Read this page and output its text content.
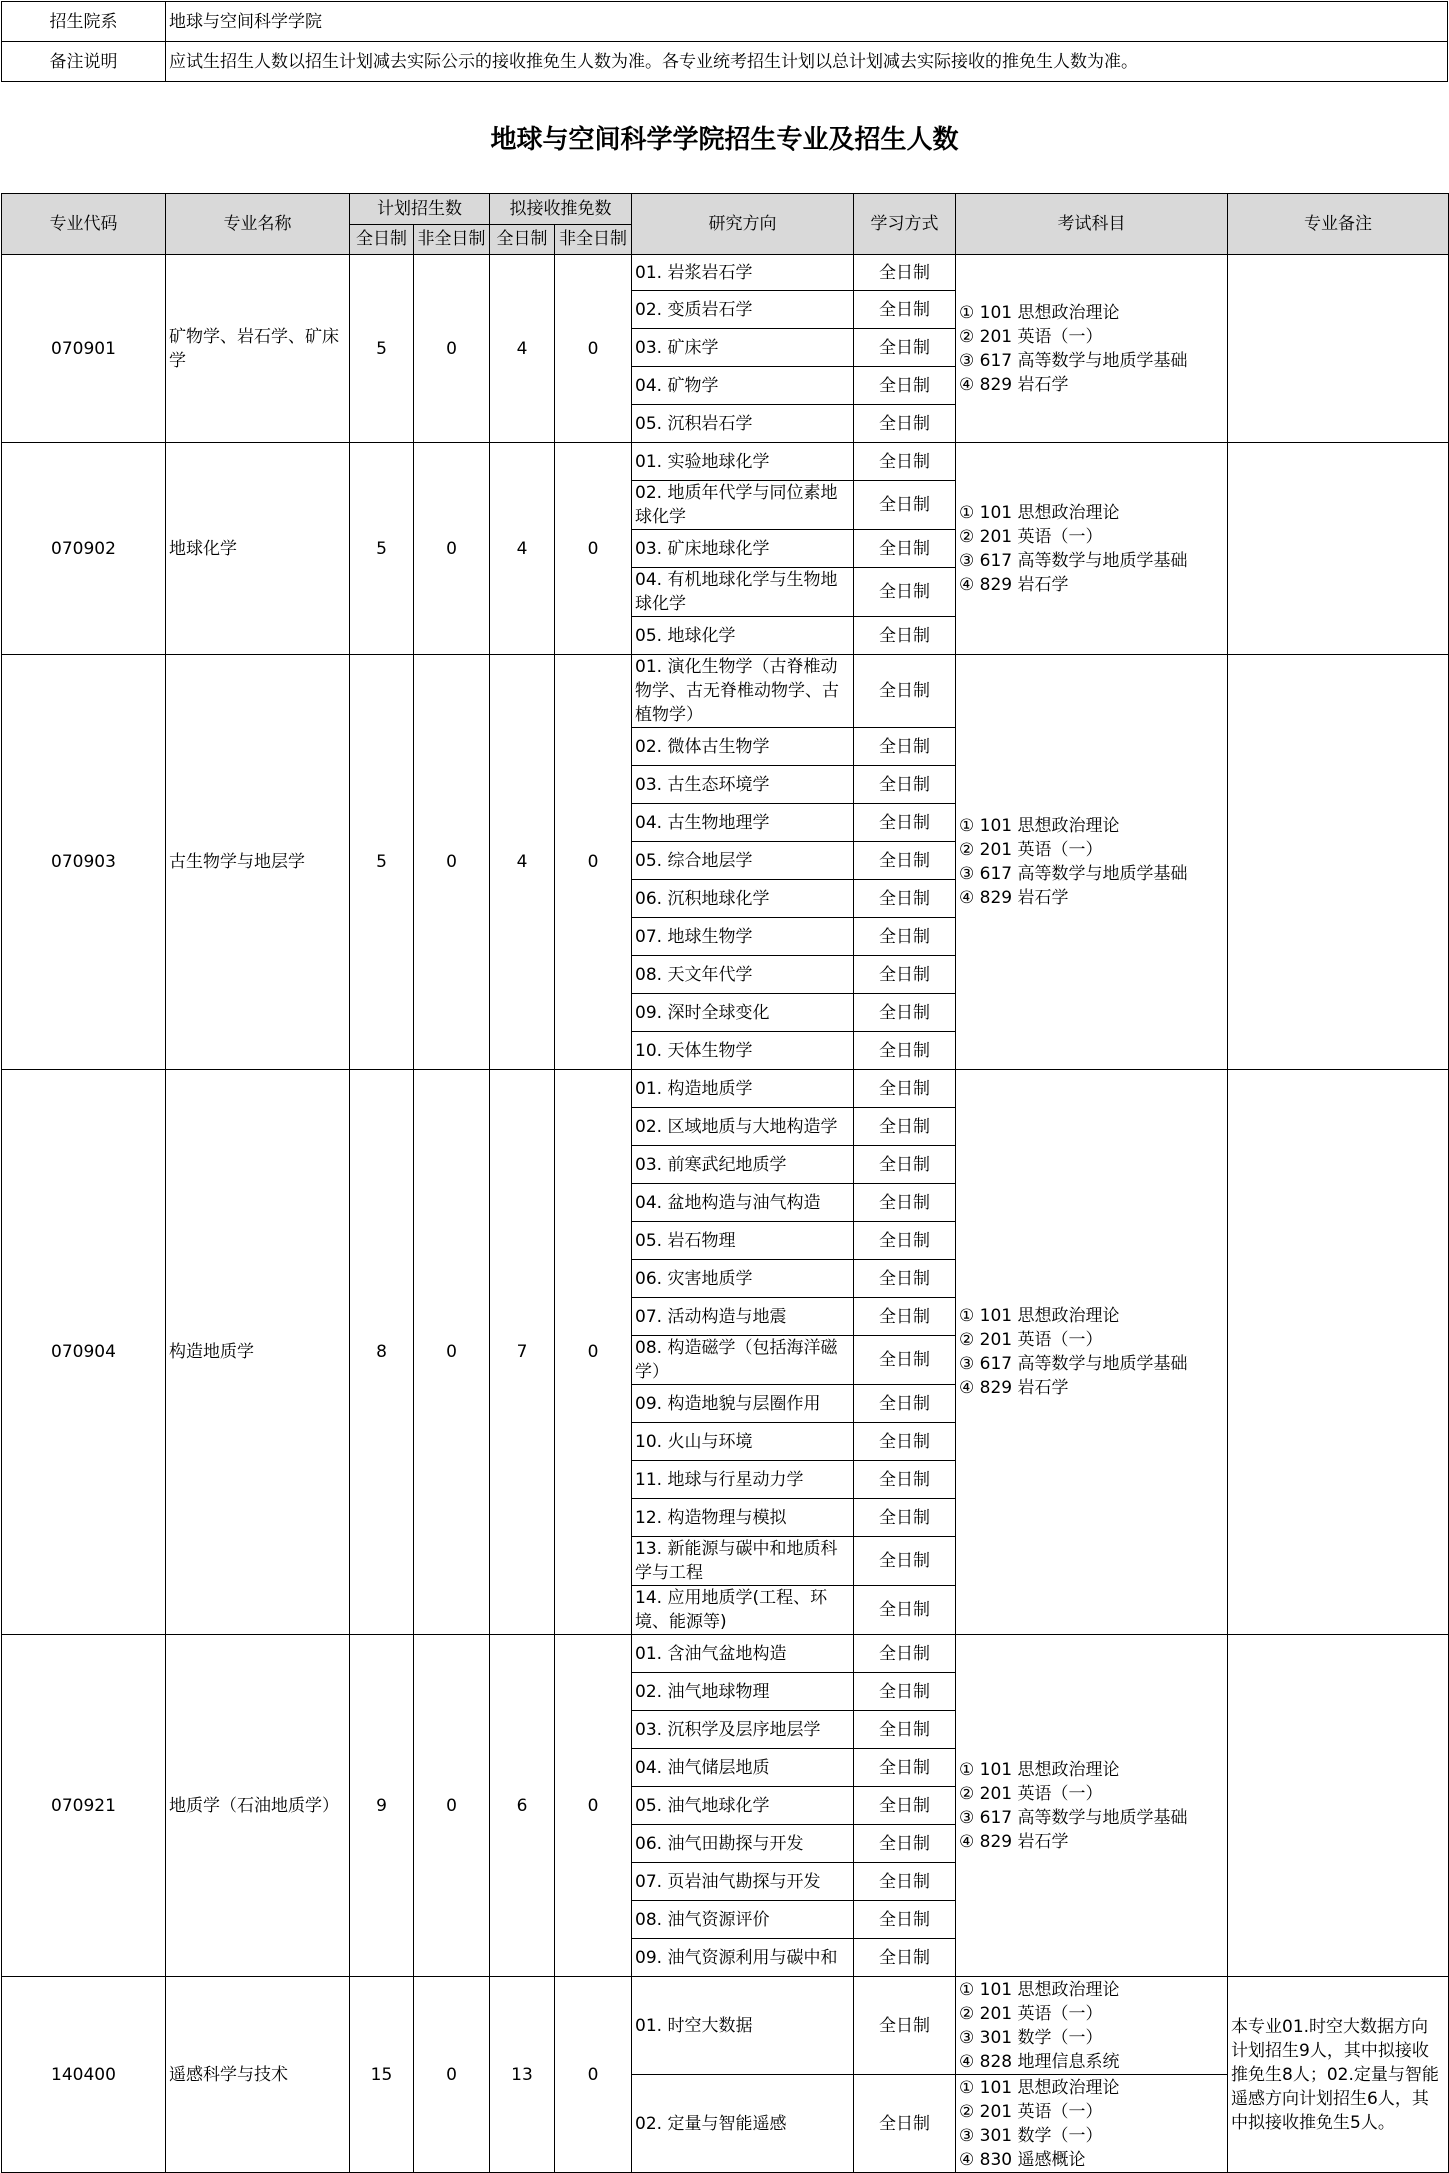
招生院系	地球与空间科学学院
备注说明	应试生招生人数以招生计划减去实际公示的接收推免生人数为准。各专业统考招生计划以总计划减去实际接收的推免生人数为准。
地球与空间科学学院招生专业及招生人数
专业代码	专业名称	计划招生数		拟接收推免数		研究方向	学习方式	考试科目	专业备注
		全日制	非全日制	全日制	非全日制				
070901	矿物学、岩石学、矿床学	5	0	4	0	01. 岩浆岩石学	全日制	① 101 思想政治理论
② 201 英语（一）
③ 617 高等数学与地质学基础
④ 829 岩石学	

						02. 变质岩石学	全日制		
						03. 矿床学	全日制		
						04. 矿物学	全日制		
						05. 沉积岩石学	全日制		
070902	地球化学	5	0	4	0	01. 实验地球化学	全日制	① 101 思想政治理论
② 201 英语（一）
③ 617 高等数学与地质学基础
④ 829 岩石学	

						02. 地质年代学与同位素地球化学	全日制		
						03. 矿床地球化学	全日制		
						04. 有机地球化学与生物地球化学	全日制		
						05. 地球化学	全日制		
070903	古生物学与地层学	5	0	4	0	01. 演化生物学（古脊椎动物学、古无脊椎动物学、古植物学）	全日制	① 101 思想政治理论
② 201 英语（一）
③ 617 高等数学与地质学基础
④ 829 岩石学	

						02. 微体古生物学	全日制		
						03. 古生态环境学	全日制		
						04. 古生物地理学	全日制		
						05. 综合地层学	全日制		
						06. 沉积地球化学	全日制		
						07. 地球生物学	全日制		
						08. 天文年代学	全日制		
						09. 深时全球变化	全日制		
						10. 天体生物学	全日制		
070904	构造地质学	8	0	7	0	01. 构造地质学	全日制	① 101 思想政治理论
② 201 英语（一）
③ 617 高等数学与地质学基础
④ 829 岩石学	

						02. 区域地质与大地构造学	全日制		
						03. 前寒武纪地质学	全日制		
						04. 盆地构造与油气构造	全日制		
						05. 岩石物理	全日制		
						06. 灾害地质学	全日制		
						07. 活动构造与地震	全日制		
						08. 构造磁学（包括海洋磁学）	全日制		
						09. 构造地貌与层圈作用	全日制		
						10. 火山与环境	全日制		
						11. 地球与行星动力学	全日制		
						12. 构造物理与模拟	全日制		
						13. 新能源与碳中和地质科学与工程	全日制		
						14. 应用地质学(工程、环境、能源等)	全日制		
070921	地质学（石油地质学）	9	0	6	0	01. 含油气盆地构造	全日制	① 101 思想政治理论
② 201 英语（一）
③ 617 高等数学与地质学基础
④ 829 岩石学	

						02. 油气地球物理	全日制		
						03. 沉积学及层序地层学	全日制		
						04. 油气储层地质	全日制		
						05. 油气地球化学	全日制		
						06. 油气田勘探与开发	全日制		
						07. 页岩油气勘探与开发	全日制		
						08. 油气资源评价	全日制		
						09. 油气资源利用与碳中和	全日制		
140400	遥感科学与技术	15	0	13	0	01. 时空大数据	全日制	① 101 思想政治理论
② 201 英语（一）
③ 301 数学（一）
④ 828 地理信息系统	本专业01.时空大数据方向计划招生9人，其中拟接收推免生8人；02.定量与智能遥感方向计划招生6人，其中拟接收推免生5人。
						02. 定量与智能遥感	全日制	① 101 思想政治理论
② 201 英语（一）
③ 301 数学（一）
④ 830 遥感概论	
